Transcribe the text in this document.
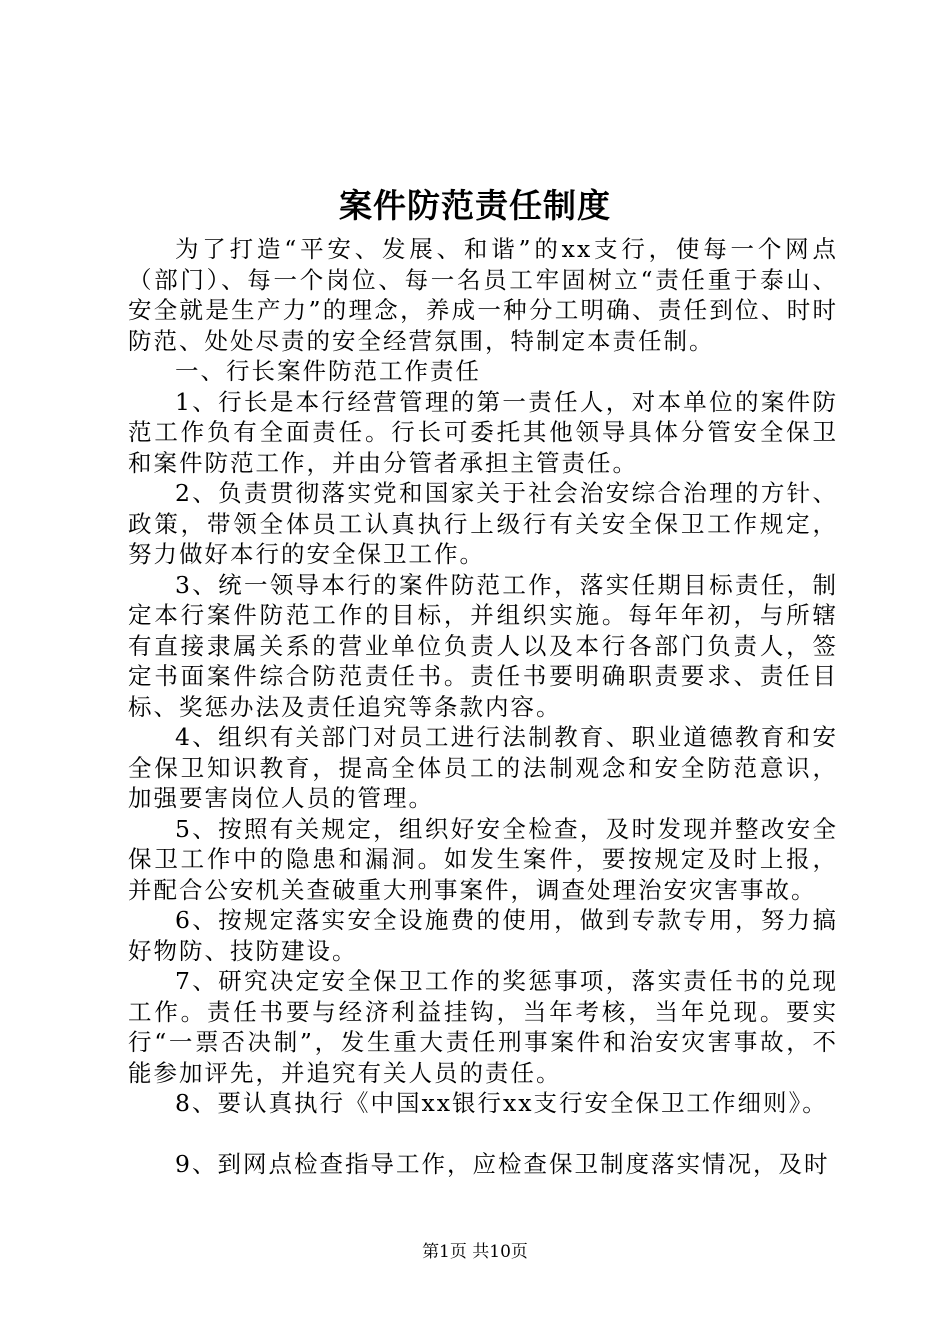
案件防范责任制度

为了打造“平安、发展、和谐”的xx支行，使每一个网点（部门）、每一个岗位、每一名员工牢固树立“责任重于泰山、安全就是生产力”的理念，养成一种分工明确、责任到位、时时防范、处处尽责的安全经营氛围，特制定本责任制。

一、行长案件防范工作责任

1、行长是本行经营管理的第一责任人，对本单位的案件防范工作负有全面责任。行长可委托其他领导具体分管安全保卫和案件防范工作，并由分管者承担主管责任。

2、负责贯彻落实党和国家关于社会治安综合治理的方针、政策，带领全体员工认真执行上级行有关安全保卫工作规定，努力做好本行的安全保卫工作。

3、统一领导本行的案件防范工作，落实任期目标责任，制定本行案件防范工作的目标，并组织实施。每年年初，与所辖有直接隶属关系的营业单位负责人以及本行各部门负责人，签定书面案件综合防范责任书。责任书要明确职责要求、责任目标、奖惩办法及责任追究等条款内容。

4、组织有关部门对员工进行法制教育、职业道德教育和安全保卫知识教育，提高全体员工的法制观念和安全防范意识，加强要害岗位人员的管理。

5、按照有关规定，组织好安全检查，及时发现并整改安全保卫工作中的隐患和漏洞。如发生案件，要按规定及时上报，并配合公安机关查破重大刑事案件，调查处理治安灾害事故。

6、按规定落实安全设施费的使用，做到专款专用，努力搞好物防、技防建设。

7、研究决定安全保卫工作的奖惩事项，落实责任书的兑现工作。责任书要与经济利益挂钩，当年考核，当年兑现。要实行“一票否决制”，发生重大责任刑事案件和治安灾害事故，不能参加评先，并追究有关人员的责任。

8、要认真执行《中国xx银行xx支行安全保卫工作细则》。

9、到网点检查指导工作，应检查保卫制度落实情况，及时

第1页 共10页
